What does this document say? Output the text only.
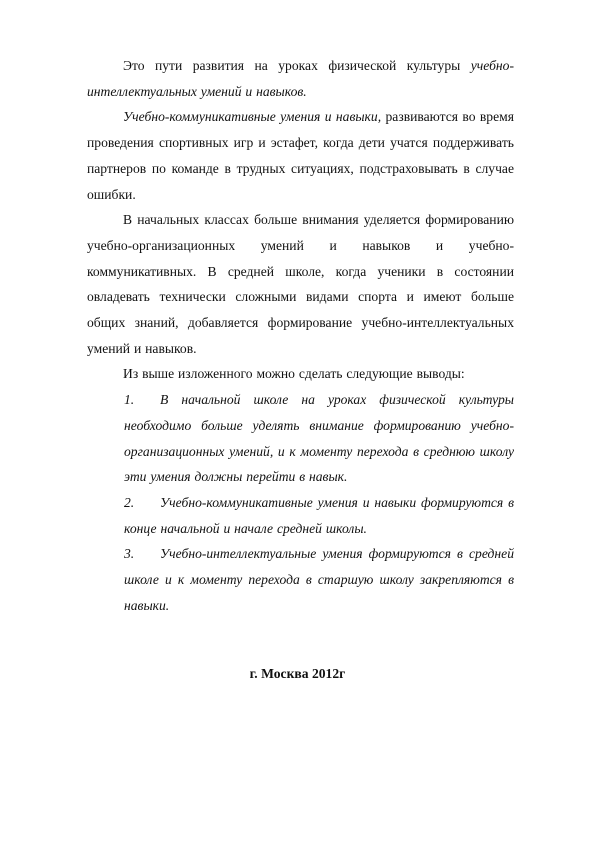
Это пути развития на уроках физической культуры учебно-интеллектуальных умений и навыков.

Учебно-коммуникативные умения и навыки, развиваются во время проведения спортивных игр и эстафет, когда дети учатся поддерживать партнеров по команде в трудных ситуациях, подстраховывать в случае ошибки.

В начальных классах больше внимания уделяется формированию учебно-организационных умений и навыков и учебно-коммуникативных. В средней школе, когда ученики в состоянии овладевать технически сложными видами спорта и имеют больше общих знаний, добавляется формирование учебно-интеллектуальных умений и навыков.

Из выше изложенного можно сделать следующие выводы:

1. В начальной школе на уроках физической культуры необходимо больше уделять внимание формированию учебно-организационных умений, и к моменту перехода в среднюю школу эти умения должны перейти в навык.

2. Учебно-коммуникативные умения и навыки формируются в конце начальной и начале средней школы.

3. Учебно-интеллектуальные умения формируются в средней школе и к моменту перехода в старшую школу закрепляются в навыки.

г. Москва 2012г
